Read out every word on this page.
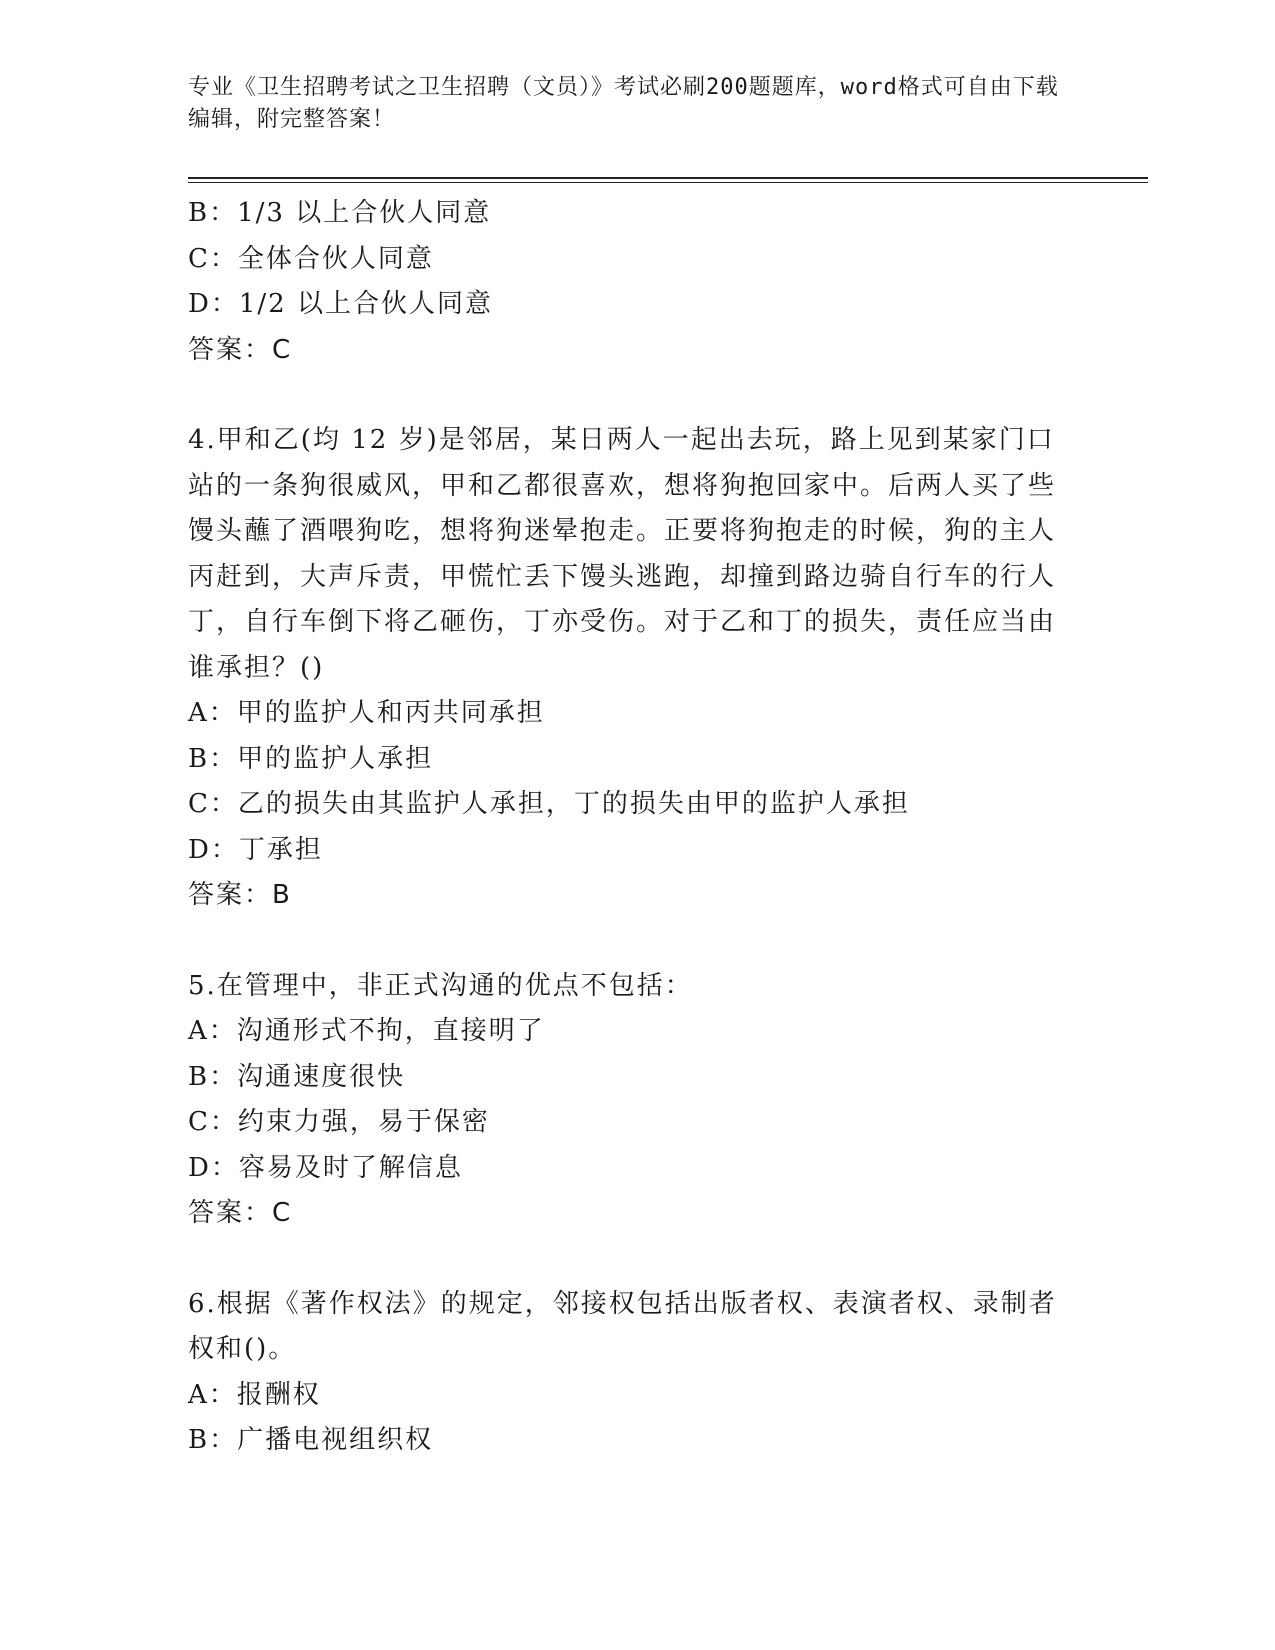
专业《卫生招聘考试之卫生招聘（文员）》考试必刷200题题库，word格式可自由下载编辑，附完整答案！
B：1/3 以上合伙人同意
C：全体合伙人同意
D：1/2 以上合伙人同意
答案：C
4.甲和乙(均 12 岁)是邻居，某日两人一起出去玩，路上见到某家门口站的一条狗很威风，甲和乙都很喜欢，想将狗抱回家中。后两人买了些馒头蘸了酒喂狗吃，想将狗迷晕抱走。正要将狗抱走的时候，狗的主人丙赶到，大声斥责，甲慌忙丢下馒头逃跑，却撞到路边骑自行车的行人丁，自行车倒下将乙砸伤，丁亦受伤。对于乙和丁的损失，责任应当由谁承担？()
A：甲的监护人和丙共同承担
B：甲的监护人承担
C：乙的损失由其监护人承担，丁的损失由甲的监护人承担
D：丁承担
答案：B
5.在管理中，非正式沟通的优点不包括：
A：沟通形式不拘，直接明了
B：沟通速度很快
C：约束力强，易于保密
D：容易及时了解信息
答案：C
6.根据《著作权法》的规定，邻接权包括出版者权、表演者权、录制者权和()。
A：报酬权
B：广播电视组织权
